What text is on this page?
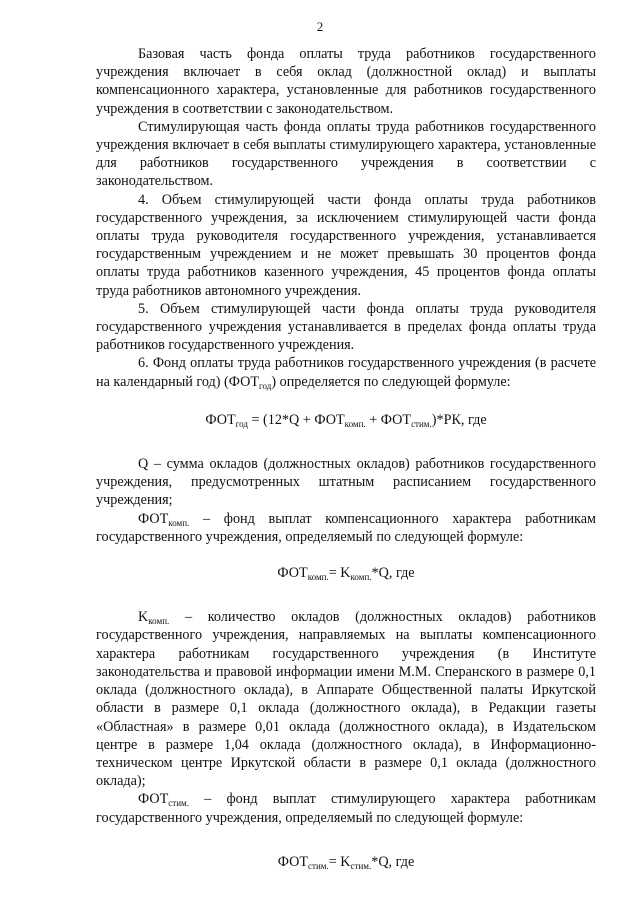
2

Базовая часть фонда оплаты труда работников государственного учреждения включает в себя оклад (должностной оклад) и выплаты компенсационного характера, установленные для работников государственного учреждения в соответствии с законодательством.

Стимулирующая часть фонда оплаты труда работников государственного учреждения включает в себя выплаты стимулирующего характера, установленные для работников государственного учреждения в соответствии с законодательством.

4. Объем стимулирующей части фонда оплаты труда работников государственного учреждения, за исключением стимулирующей части фонда оплаты труда руководителя государственного учреждения, устанавливается государственным учреждением и не может превышать 30 процентов фонда оплаты труда работников казенного учреждения, 45 процентов фонда оплаты труда работников автономного учреждения.

5. Объем стимулирующей части фонда оплаты труда руководителя государственного учреждения устанавливается в пределах фонда оплаты труда работников государственного учреждения.

6. Фонд оплаты труда работников государственного учреждения (в расчете на календарный год) $(ФОТ_{год})$ определяется по следующей формуле:

$ФОТ_{год} = (12*Q + ФОТ_{комп.} + ФОТ_{стим.})*РК$, где

Q – сумма окладов (должностных окладов) работников государственного учреждения, предусмотренных штатным расписанием государственного учреждения;

$ФОТ_{комп.}$ – фонд выплат компенсационного характера работникам государственного учреждения, определяемый по следующей формуле:

$ФОТ_{комп.}= K_{комп.}*Q$, где

$K_{комп.}$ – количество окладов (должностных окладов) работников государственного учреждения, направляемых на выплаты компенсационного характера работникам государственного учреждения (в Институте законодательства и правовой информации имени М.М. Сперанского в размере 0,1 оклада (должностного оклада), в Аппарате Общественной палаты Иркутской области в размере 0,1 оклада (должностного оклада), в Редакции газеты «Областная» в размере 0,01 оклада (должностного оклада), в Издательском центре в размере 1,04 оклада (должностного оклада), в Информационно-техническом центре Иркутской области в размере 0,1 оклада (должностного оклада);

$ФОТ_{стим.}$ – фонд выплат стимулирующего характера работникам государственного учреждения, определяемый по следующей формуле:

$ФОТ_{стим.}= K_{стим.}*Q$, где
